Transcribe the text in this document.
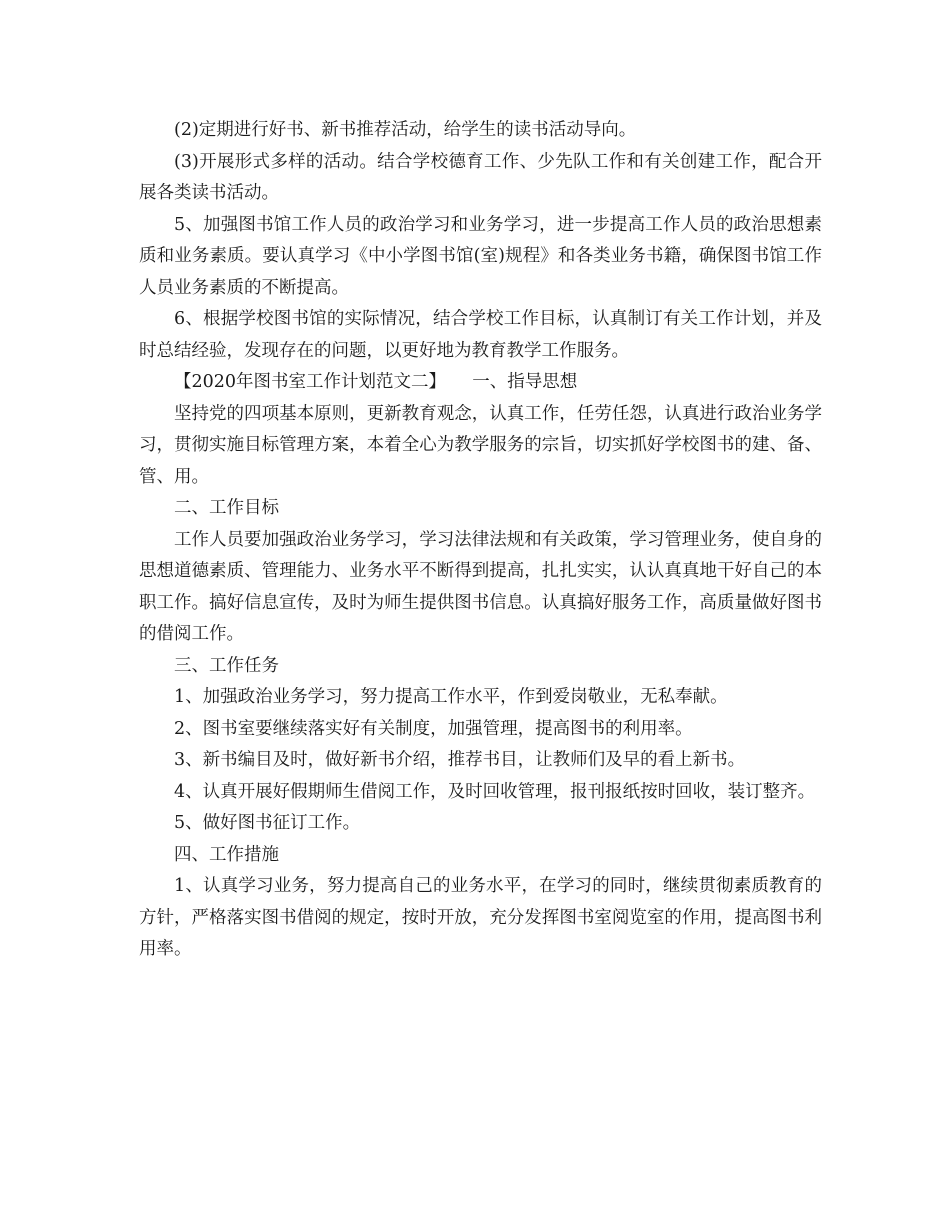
(2)定期进行好书、新书推荐活动，给学生的读书活动导向。

(3)开展形式多样的活动。结合学校德育工作、少先队工作和有关创建工作，配合开展各类读书活动。

5、加强图书馆工作人员的政治学习和业务学习，进一步提高工作人员的政治思想素质和业务素质。要认真学习《中小学图书馆(室)规程》和各类业务书籍，确保图书馆工作人员业务素质的不断提高。

6、根据学校图书馆的实际情况，结合学校工作目标，认真制订有关工作计划，并及时总结经验，发现存在的问题，以更好地为教育教学工作服务。

【2020年图书室工作计划范文二】　　一、指导思想

坚持党的四项基本原则，更新教育观念，认真工作，任劳任怨，认真进行政治业务学习，贯彻实施目标管理方案，本着全心为教学服务的宗旨，切实抓好学校图书的建、备、管、用。

二、工作目标

工作人员要加强政治业务学习，学习法律法规和有关政策，学习管理业务，使自身的思想道德素质、管理能力、业务水平不断得到提高，扎扎实实，认认真真地干好自己的本职工作。搞好信息宣传，及时为师生提供图书信息。认真搞好服务工作，高质量做好图书的借阅工作。

三、工作任务

1、加强政治业务学习，努力提高工作水平，作到爱岗敬业，无私奉献。

2、图书室要继续落实好有关制度，加强管理，提高图书的利用率。

3、新书编目及时，做好新书介绍，推荐书目，让教师们及早的看上新书。

4、认真开展好假期师生借阅工作，及时回收管理，报刊报纸按时回收，装订整齐。

5、做好图书征订工作。

四、工作措施

1、认真学习业务，努力提高自己的业务水平，在学习的同时，继续贯彻素质教育的方针，严格落实图书借阅的规定，按时开放，充分发挥图书室阅览室的作用，提高图书利用率。
